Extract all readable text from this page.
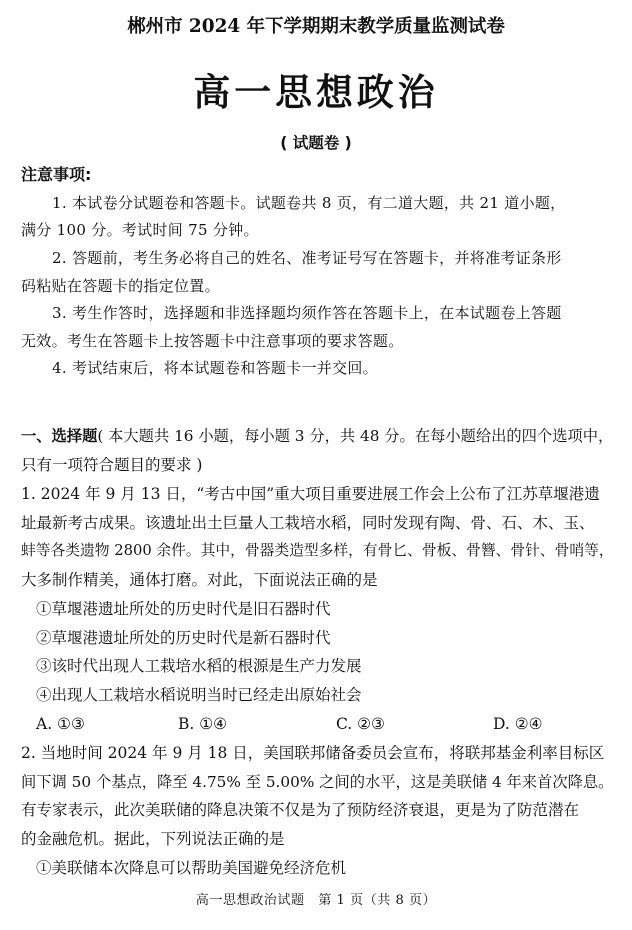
郴州市 2024 年下学期期末教学质量监测试卷
高一思想政治
( 试题卷 )
注意事项:
1. 本试卷分试题卷和答题卡。试题卷共 8 页，有二道大题，共 21 道小题，
满分 100 分。考试时间 75 分钟。
2. 答题前，考生务必将自己的姓名、准考证号写在答题卡，并将准考证条形
码粘贴在答题卡的指定位置。
3. 考生作答时，选择题和非选择题均须作答在答题卡上，在本试题卷上答题
无效。考生在答题卡上按答题卡中注意事项的要求答题。
4. 考试结束后，将本试题卷和答题卡一并交回。
一、选择题( 本大题共 16 小题，每小题 3 分，共 48 分。在每小题给出的四个选项中，
只有一项符合题目的要求 )
1. 2024 年 9 月 13 日，“考古中国”重大项目重要进展工作会上公布了江苏草堰港遗
址最新考古成果。该遗址出土巨量人工栽培水稻，同时发现有陶、骨、石、木、玉、
蚌等各类遗物 2800 余件。其中，骨器类造型多样，有骨匕、骨板、骨簪、骨针、骨哨等，
大多制作精美，通体打磨。对此，下面说法正确的是
①草堰港遗址所处的历史时代是旧石器时代
②草堰港遗址所处的历史时代是新石器时代
③该时代出现人工栽培水稻的根源是生产力发展
④出现人工栽培水稻说明当时已经走出原始社会
A. ①③	B. ①④	C. ②③	D. ②④
2. 当地时间 2024 年 9 月 18 日，美国联邦储备委员会宣布，将联邦基金利率目标区
间下调 50 个基点，降至 4.75% 至 5.00% 之间的水平，这是美联储 4 年来首次降息。
有专家表示，此次美联储的降息决策不仅是为了预防经济衰退，更是为了防范潜在
的金融危机。据此，下列说法正确的是
①美联储本次降息可以帮助美国避免经济危机
高一思想政治试题　第 1 页（共 8 页）
